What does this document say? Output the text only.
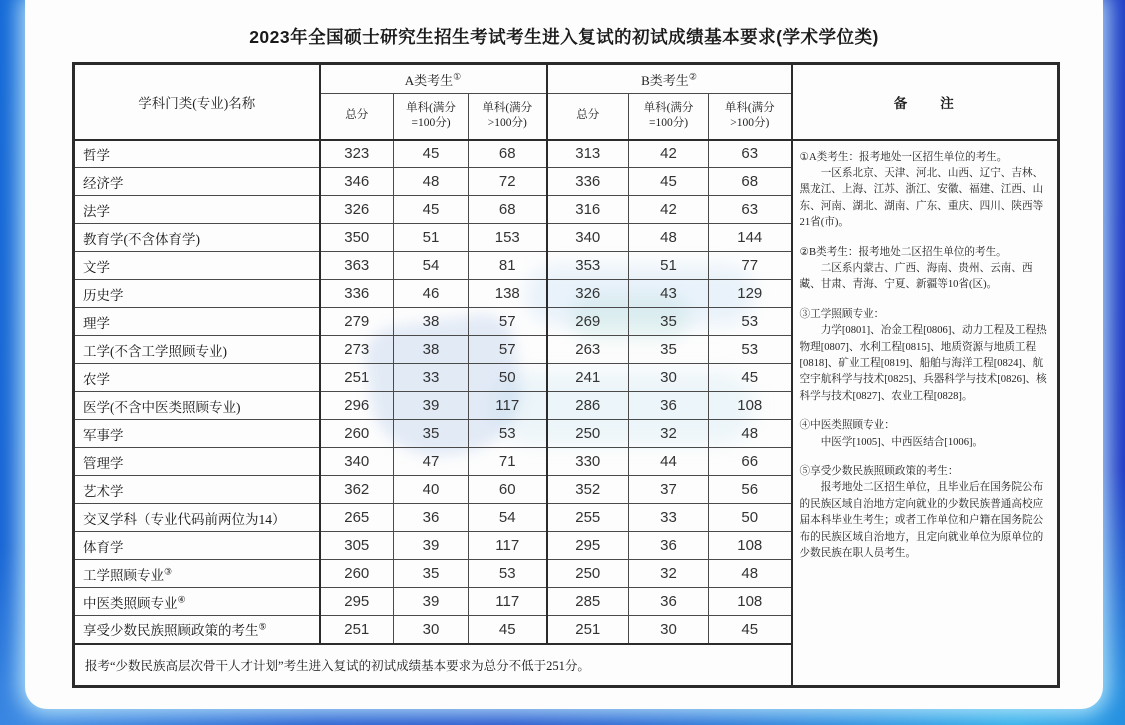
2023年全国硕士研究生招生考试考生进入复试的初试成绩基本要求(学术学位类)
学科门类(专业)名称	A类考生①			B类考生②			备　　注
	总分	单科(满分 =100分)	单科(满分 >100分)	总分	单科(满分 =100分)	单科(满分 >100分)	
哲学	323	45	68	313	42	63	①A类考生：报考地处一区招生单位的考生。

一区系北京、天津、河北、山西、辽宁、吉林、黑龙江、上海、江苏、浙江、安徽、福建、江西、山东、河南、湖北、湖南、广东、重庆、四川、陕西等21省(市)。

②B类考生：报考地处二区招生单位的考生。

二区系内蒙古、广西、海南、贵州、云南、西藏、甘肃、青海、宁夏、新疆等10省(区)。

③工学照顾专业：

力学[0801]、冶金工程[0806]、动力工程及工程热物理[0807]、水利工程[0815]、地质资源与地质工程[0818]、矿业工程[0819]、船舶与海洋工程[0824]、航空宇航科学与技术[0825]、兵器科学与技术[0826]、核科学与技术[0827]、农业工程[0828]。

④中医类照顾专业：

中医学[1005]、中西医结合[1006]。

⑤享受少数民族照顾政策的考生：

报考地处二区招生单位，且毕业后在国务院公布的民族区域自治地方定向就业的少数民族普通高校应届本科毕业生考生；或者工作单位和户籍在国务院公布的民族区域自治地方，且定向就业单位为原单位的少数民族在职人员考生。

经济学	346	48	72	336	45	68	
法学	326	45	68	316	42	63	
教育学(不含体育学)	350	51	153	340	48	144	
文学	363	54	81	353	51	77	
历史学	336	46	138	326	43	129	
理学	279	38	57	269	35	53	
工学(不含工学照顾专业)	273	38	57	263	35	53	
农学	251	33	50	241	30	45	
医学(不含中医类照顾专业)	296	39	117	286	36	108	
军事学	260	35	53	250	32	48	
管理学	340	47	71	330	44	66	
艺术学	362	40	60	352	37	56	
交叉学科（专业代码前两位为14）	265	36	54	255	33	50	
体育学	305	39	117	295	36	108	
工学照顾专业③	260	35	53	250	32	48	
中医类照顾专业④	295	39	117	285	36	108	
享受少数民族照顾政策的考生⑤	251	30	45	251	30	45	
报考“少数民族高层次骨干人才计划”考生进入复试的初试成绩基本要求为总分不低于251分。							
